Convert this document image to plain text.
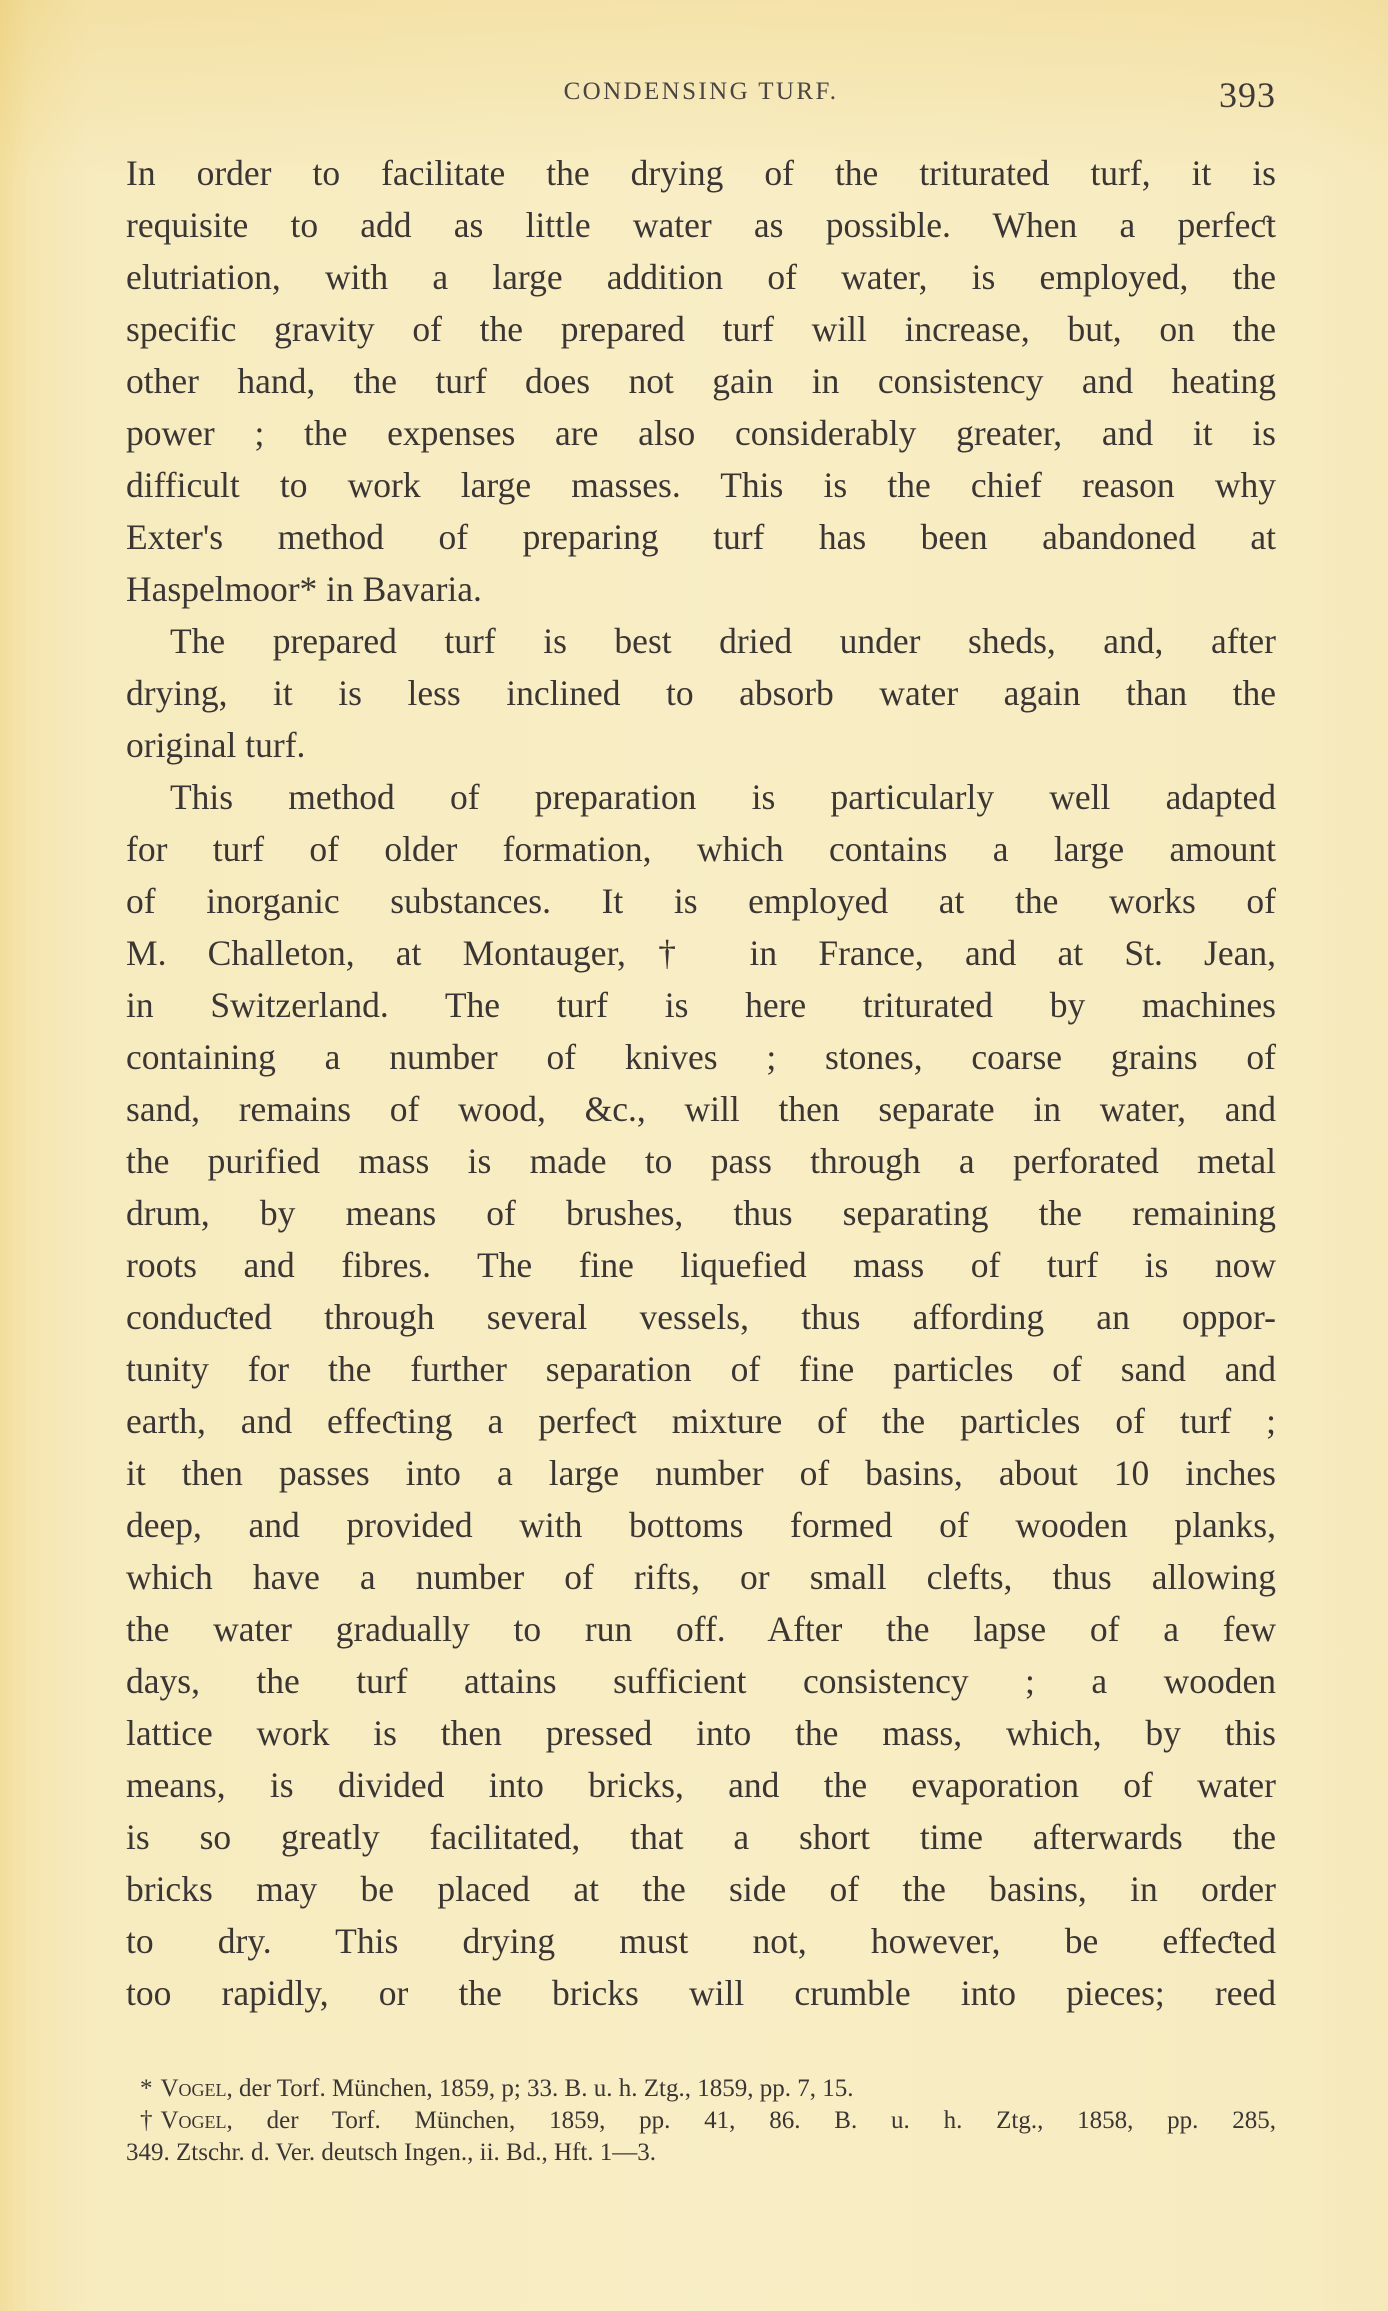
CONDENSING TURF.	393
In order to facilitate the drying of the triturated turf, it is
requisite to add as little water as possible. When a perfeƈt
elutriation, with a large addition of water, is employed, the
specific gravity of the prepared turf will increase, but, on the
other hand, the turf does not gain in consistency and heating
power ; the expenses are also considerably greater, and it is
difficult to work large masses. This is the chief reason why
Exter's method of preparing turf has been abandoned at
Haspelmoor* in Bavaria.
The prepared turf is best dried under sheds, and, after
drying, it is less inclined to absorb water again than the
original turf.
This method of preparation is particularly well adapted
for turf of older formation, which contains a large amount
of inorganic substances. It is employed at the works of
M. Challeton, at Montauger,† in France, and at St. Jean,
in Switzerland. The turf is here triturated by machines
containing a number of knives ; stones, coarse grains of
sand, remains of wood, &c., will then separate in water, and
the purified mass is made to pass through a perforated metal
drum, by means of brushes, thus separating the remaining
roots and fibres. The fine liquefied mass of turf is now
conduƈted through several vessels, thus affording an oppor-
tunity for the further separation of fine particles of sand and
earth, and effeƈting a perfeƈt mixture of the particles of turf ;
it then passes into a large number of basins, about 10 inches
deep, and provided with bottoms formed of wooden planks,
which have a number of rifts, or small clefts, thus allowing
the water gradually to run off. After the lapse of a few
days, the turf attains sufficient consistency ; a wooden
lattice work is then pressed into the mass, which, by this
means, is divided into bricks, and the evaporation of water
is so greatly facilitated, that a short time afterwards the
bricks may be placed at the side of the basins, in order
to dry. This drying must not, however, be effeƈted
too rapidly, or the bricks will crumble into pieces; reed
* Vogel, der Torf. München, 1859, p; 33. B. u. h. Ztg., 1859, pp. 7, 15.
† Vogel, der Torf. München, 1859, pp. 41, 86. B. u. h. Ztg., 1858, pp. 285,
349. Ztschr. d. Ver. deutsch Ingen., ii. Bd., Hft. 1—3.
